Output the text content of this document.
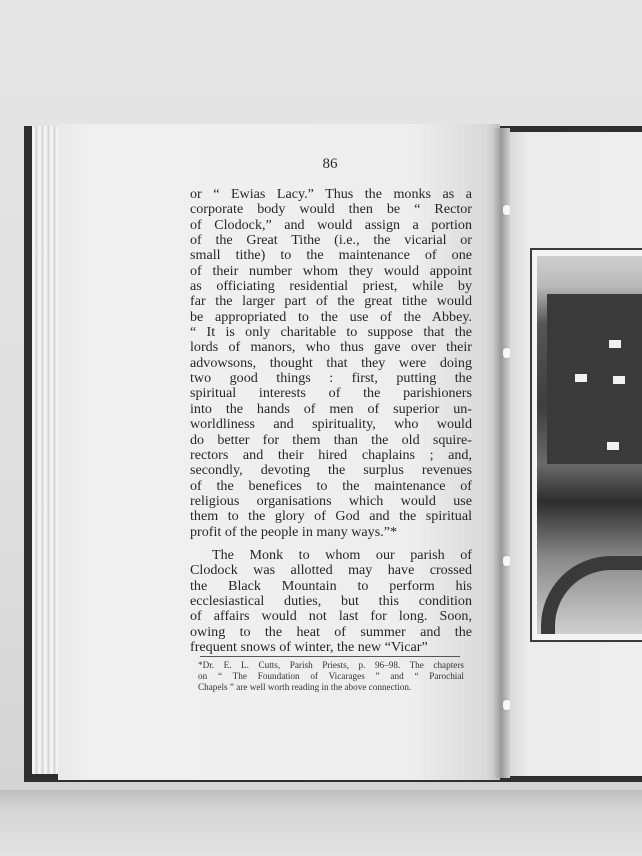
86
or “ Ewias Lacy.” Thus the monks as a
corporate body would then be “ Rector
of Clodock,” and would assign a portion
of the Great Tithe (i.e., the vicarial or
small tithe) to the maintenance of one
of their number whom they would appoint
as officiating residential priest, while by
far the larger part of the great tithe would
be appropriated to the use of the Abbey.
“ It is only charitable to suppose that the
lords of manors, who thus gave over their
advowsons, thought that they were doing
two good things : first, putting the
spiritual interests of the parishioners
into the hands of men of superior un-
worldliness and spirituality, who would
do better for them than the old squire-
rectors and their hired chaplains ; and,
secondly, devoting the surplus revenues
of the benefices to the maintenance of
religious organisations which would use
them to the glory of God and the spiritual
profit of the people in many ways.”*
The Monk to whom our parish of
Clodock was allotted may have crossed
the Black Mountain to perform his
ecclesiastical duties, but this condition
of affairs would not last for long. Soon,
owing to the heat of summer and the
frequent snows of winter, the new “Vicar”
*Dr. E. L. Cutts, Parish Priests, p. 96–98. The chapters
on “ The Foundation of Vicarages ” and “ Parochial
Chapels ” are well worth reading in the above connection.
